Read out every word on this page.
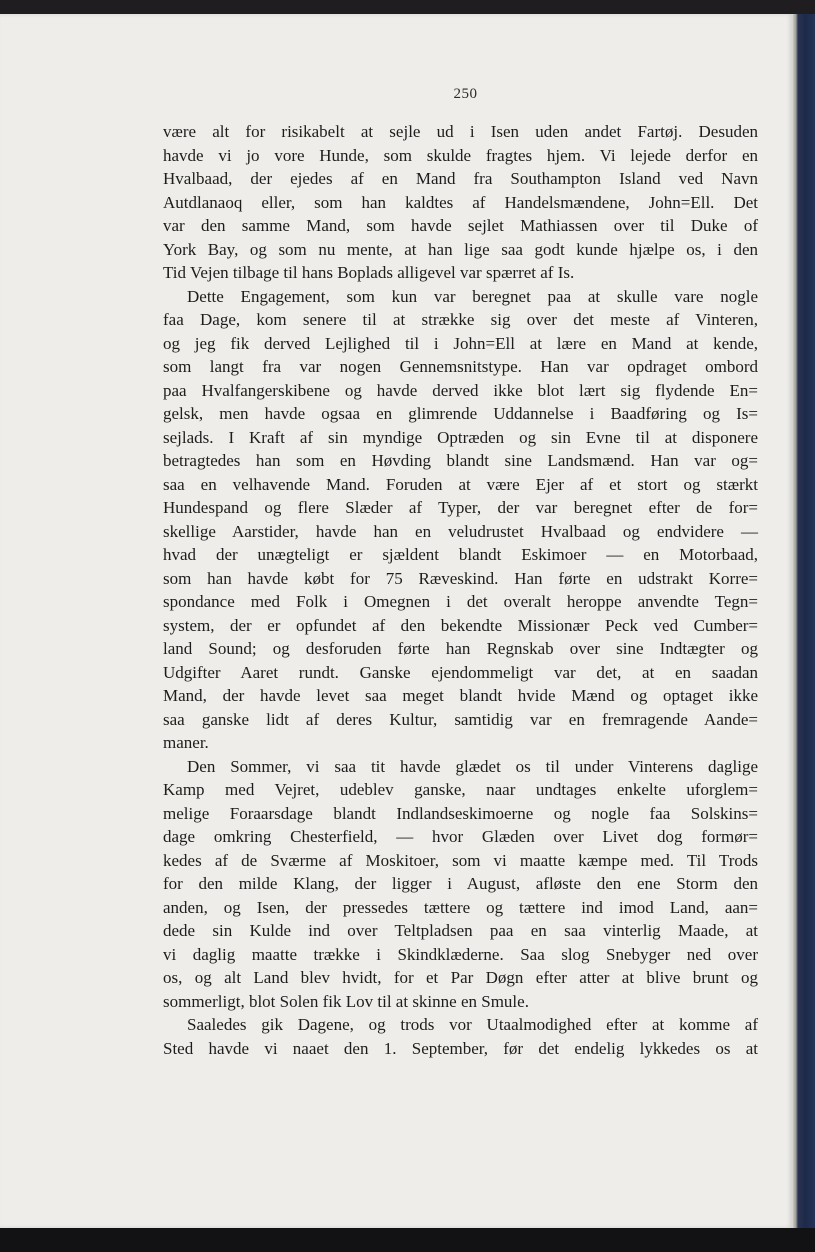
250
være alt for risikabelt at sejle ud i Isen uden andet Fartøj. Desuden
havde vi jo vore Hunde, som skulde fragtes hjem. Vi lejede derfor en
Hvalbaad, der ejedes af en Mand fra Southampton Island ved Navn
Autdlanaoq eller, som han kaldtes af Handelsmændene, John=Ell. Det
var den samme Mand, som havde sejlet Mathiassen over til Duke of
York Bay, og som nu mente, at han lige saa godt kunde hjælpe os, i den
Tid Vejen tilbage til hans Boplads alligevel var spærret af Is.
Dette Engagement, som kun var beregnet paa at skulle vare nogle
faa Dage, kom senere til at strække sig over det meste af Vinteren,
og jeg fik derved Lejlighed til i John=Ell at lære en Mand at kende,
som langt fra var nogen Gennemsnitstype. Han var opdraget ombord
paa Hvalfangerskibene og havde derved ikke blot lært sig flydende En=
gelsk, men havde ogsaa en glimrende Uddannelse i Baadføring og Is=
sejlads. I Kraft af sin myndige Optræden og sin Evne til at disponere
betragtedes han som en Høvding blandt sine Landsmænd. Han var og=
saa en velhavende Mand. Foruden at være Ejer af et stort og stærkt
Hundespand og flere Slæder af Typer, der var beregnet efter de for=
skellige Aarstider, havde han en veludrustet Hvalbaad og endvidere —
hvad der unægteligt er sjældent blandt Eskimoer — en Motorbaad,
som han havde købt for 75 Ræveskind. Han førte en udstrakt Korre=
spondance med Folk i Omegnen i det overalt heroppe anvendte Tegn=
system, der er opfundet af den bekendte Missionær Peck ved Cumber=
land Sound; og desforuden førte han Regnskab over sine Indtægter og
Udgifter Aaret rundt. Ganske ejendommeligt var det, at en saadan
Mand, der havde levet saa meget blandt hvide Mænd og optaget ikke
saa ganske lidt af deres Kultur, samtidig var en fremragende Aande=
maner.
Den Sommer, vi saa tit havde glædet os til under Vinterens daglige
Kamp med Vejret, udeblev ganske, naar undtages enkelte uforglem=
melige Foraarsdage blandt Indlandseskimoerne og nogle faa Solskins=
dage omkring Chesterfield, — hvor Glæden over Livet dog formør=
kedes af de Sværme af Moskitoer, som vi maatte kæmpe med. Til Trods
for den milde Klang, der ligger i August, afløste den ene Storm den
anden, og Isen, der pressedes tættere og tættere ind imod Land, aan=
dede sin Kulde ind over Teltpladsen paa en saa vinterlig Maade, at
vi daglig maatte trække i Skindklæderne. Saa slog Snebyger ned over
os, og alt Land blev hvidt, for et Par Døgn efter atter at blive brunt og
sommerligt, blot Solen fik Lov til at skinne en Smule.
Saaledes gik Dagene, og trods vor Utaalmodighed efter at komme af
Sted havde vi naaet den 1. September, før det endelig lykkedes os at
